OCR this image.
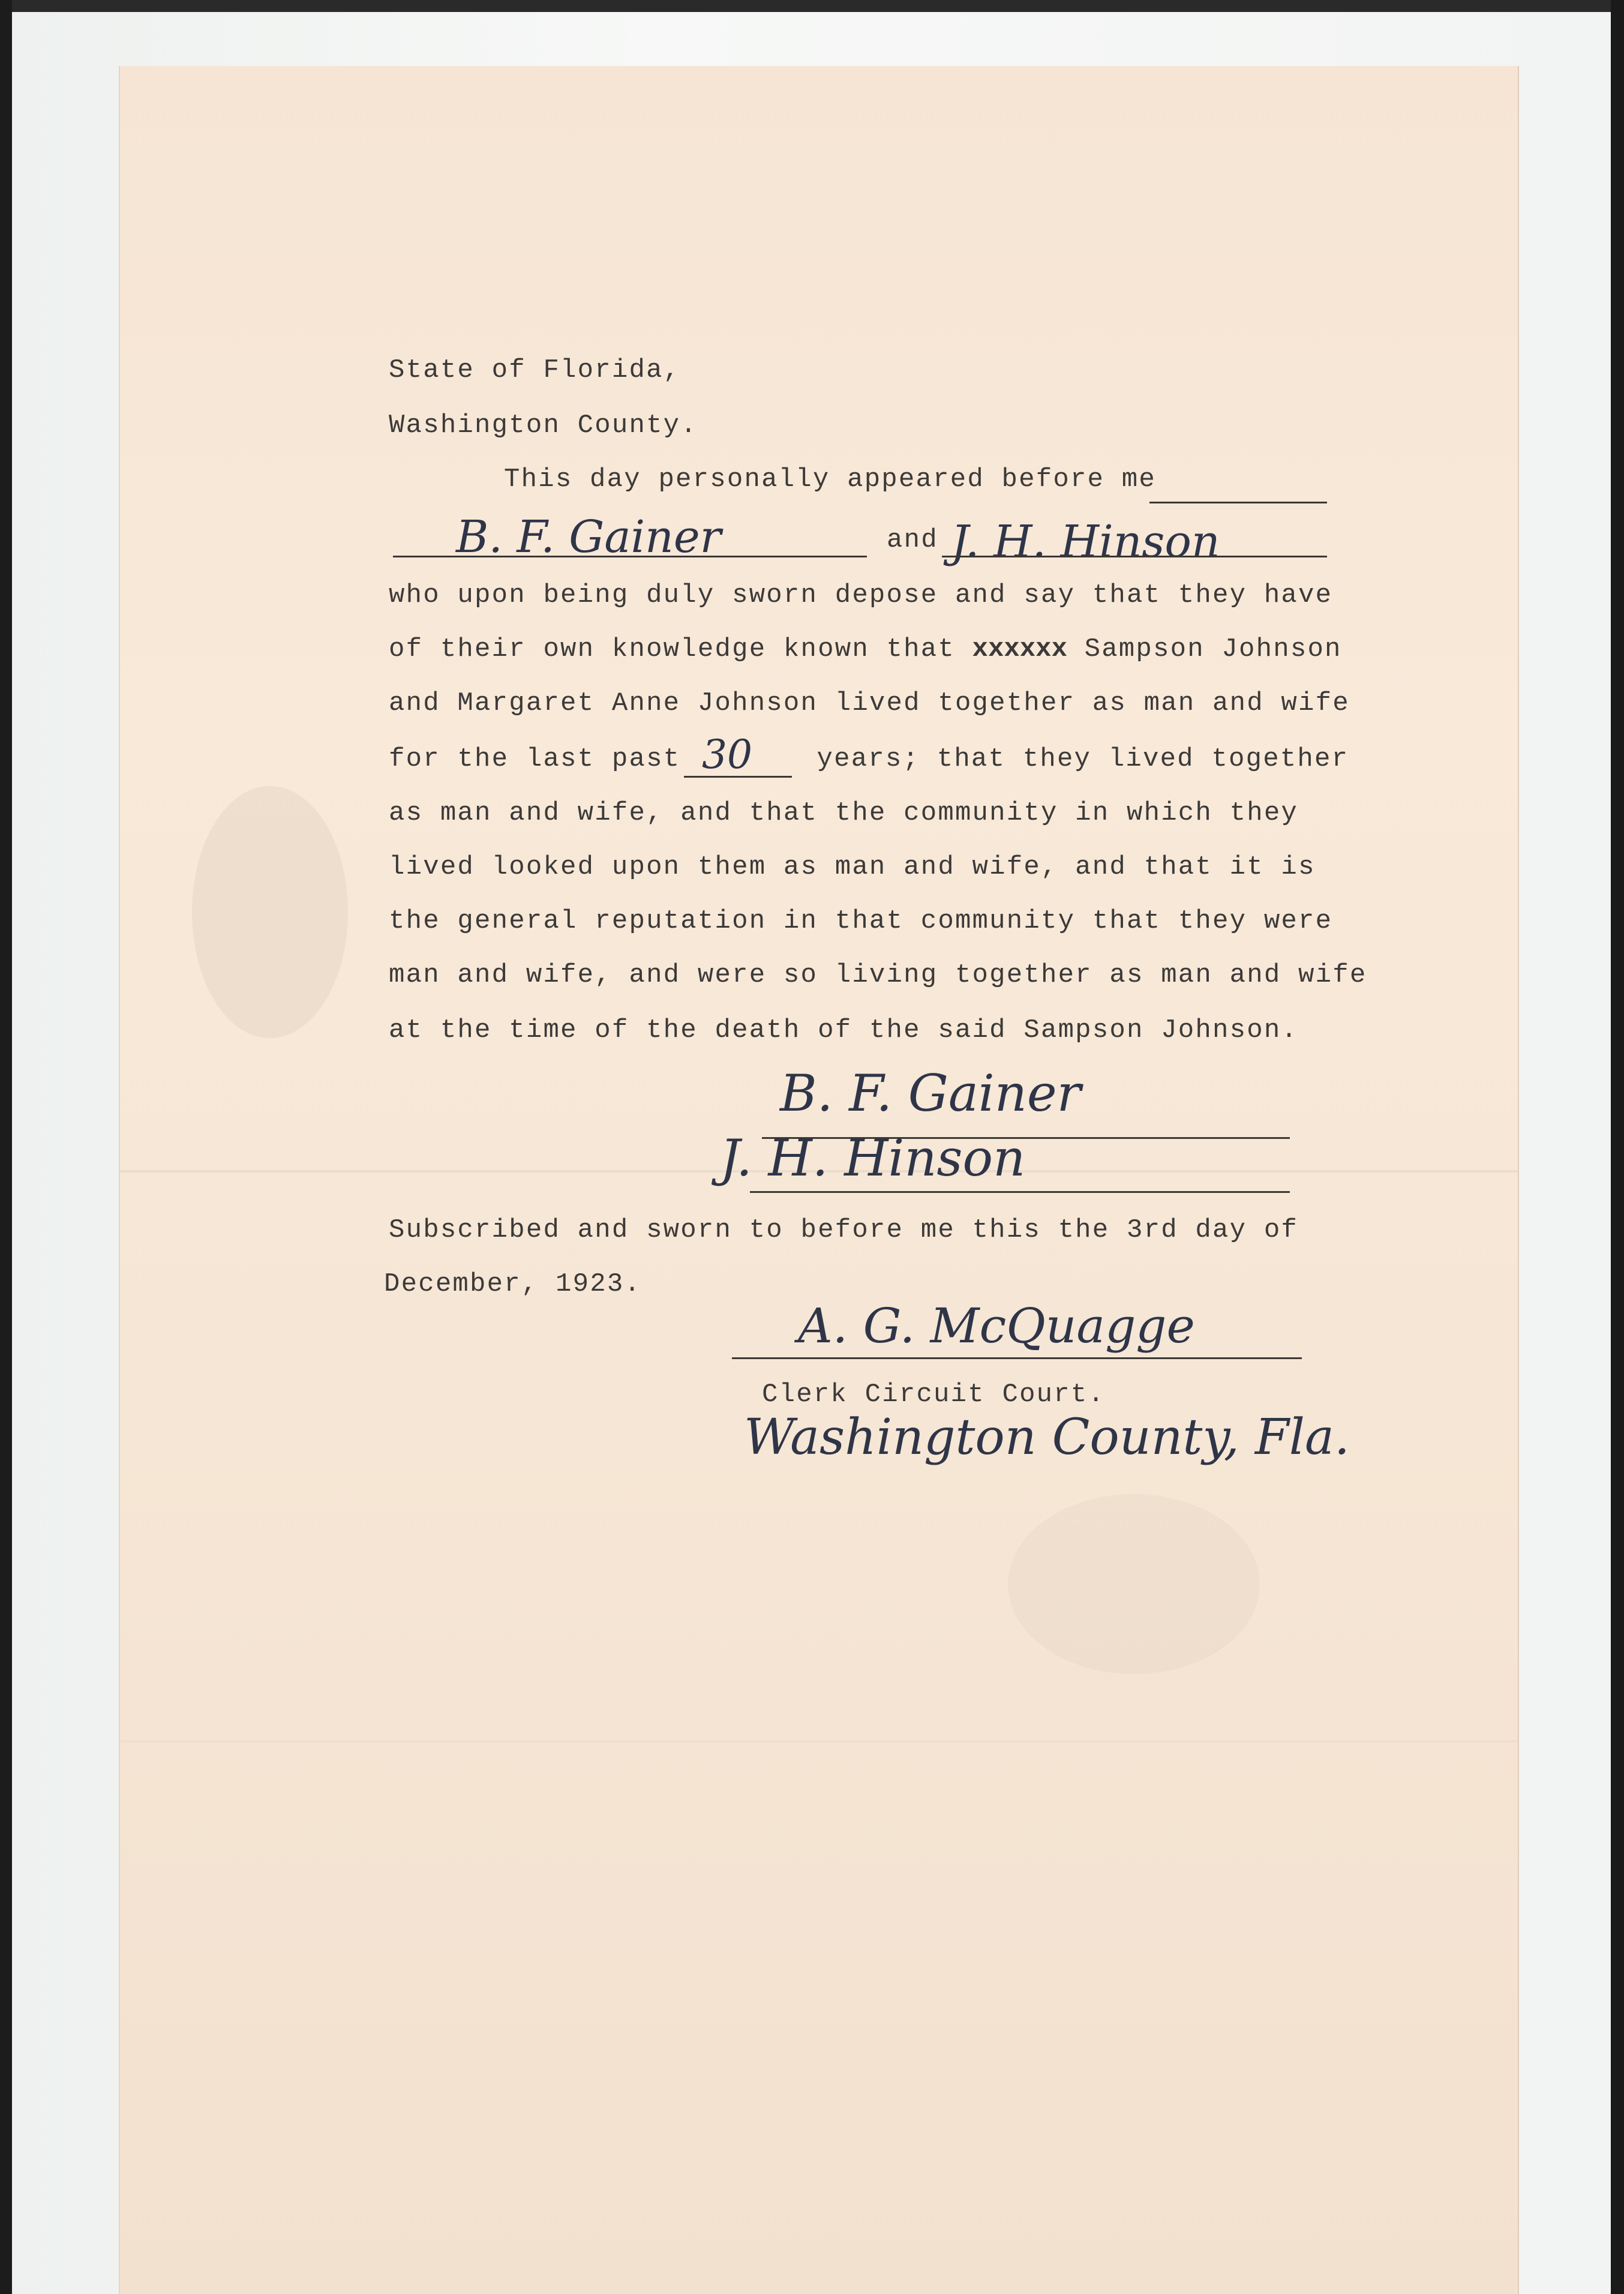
State of Florida,
Washington County.
This day personally appeared before me
B. F. Gainer	and J. H. Hinson
who upon being duly sworn depose and say that they have
of their own knowledge known that xxxxxx Sampson Johnson
and Margaret Anne Johnson lived together as man and wife
for the last past	years; that they lived together
30
as man and wife, and that the community in which they
lived looked upon them as man and wife, and that it is
the general reputation in that community that they were
man and wife, and were so living together as man and wife
at the time of the death of the said Sampson Johnson.
B. F. Gainer
J. H. Hinson
Subscribed and sworn to before me this the 3rd day of
December, 1923.
A. G. McQuagge
Clerk Circuit Court.
Washington County, Fla.
